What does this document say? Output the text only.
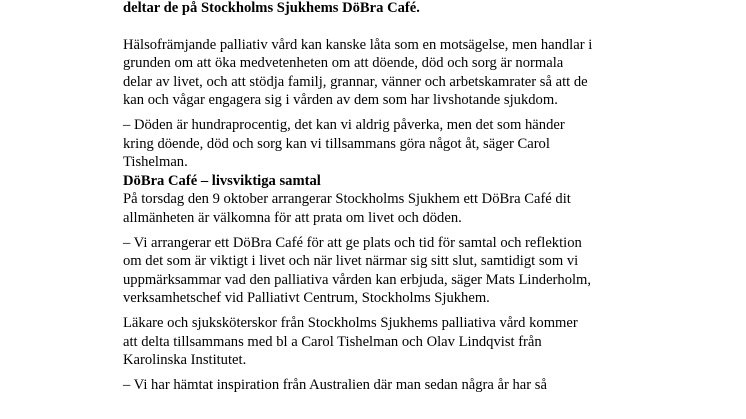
deltar de på Stockholms Sjukhems DöBra Café.

Hälsofrämjande palliativ vård kan kanske låta som en motsägelse, men handlar i grunden om att öka medvetenheten om att döende, död och sorg är normala delar av livet, och att stödja familj, grannar, vänner och arbetskamrater så att de kan och vågar engagera sig i vården av dem som har livshotande sjukdom.

– Döden är hundraprocentig, det kan vi aldrig påverka, men det som händer kring döende, död och sorg kan vi tillsammans göra något åt, säger Carol Tishelman.

DöBra Café – livsviktiga samtal

På torsdag den 9 oktober arrangerar Stockholms Sjukhem ett DöBra Café dit allmänheten är välkomna för att prata om livet och döden.

– Vi arrangerar ett DöBra Café för att ge plats och tid för samtal och reflektion om det som är viktigt i livet och när livet närmar sig sitt slut, samtidigt som vi uppmärksammar vad den palliativa vården kan erbjuda, säger Mats Linderholm, verksamhetschef vid Palliativt Centrum, Stockholms Sjukhem.

Läkare och sjuksköterskor från Stockholms Sjukhems palliativa vård kommer att delta tillsammans med bl a Carol Tishelman och Olav Lindqvist från Karolinska Institutet.

– Vi har hämtat inspiration från Australien där man sedan några år har så
